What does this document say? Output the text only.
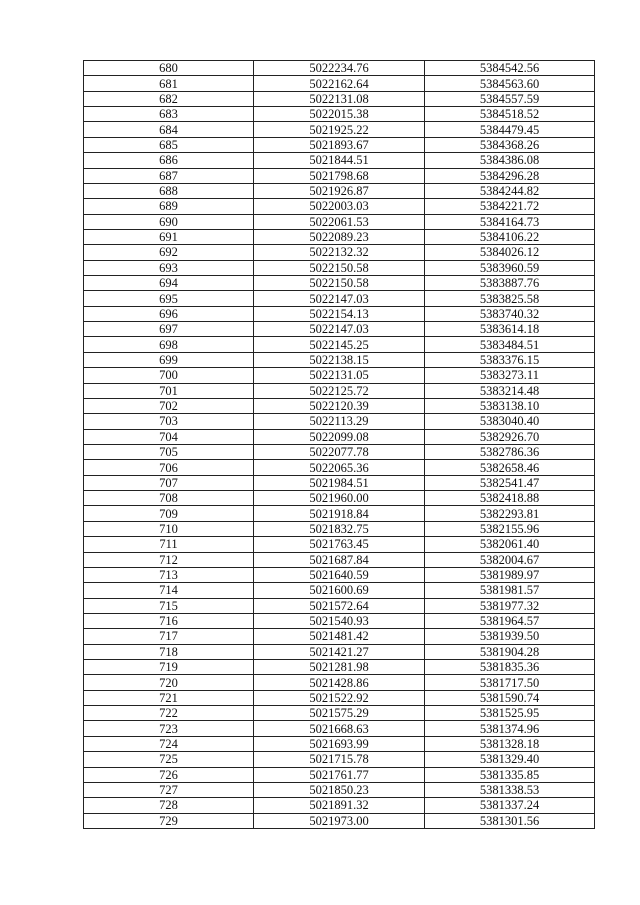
680	5022234.76	5384542.56
681	5022162.64	5384563.60
682	5022131.08	5384557.59
683	5022015.38	5384518.52
684	5021925.22	5384479.45
685	5021893.67	5384368.26
686	5021844.51	5384386.08
687	5021798.68	5384296.28
688	5021926.87	5384244.82
689	5022003.03	5384221.72
690	5022061.53	5384164.73
691	5022089.23	5384106.22
692	5022132.32	5384026.12
693	5022150.58	5383960.59
694	5022150.58	5383887.76
695	5022147.03	5383825.58
696	5022154.13	5383740.32
697	5022147.03	5383614.18
698	5022145.25	5383484.51
699	5022138.15	5383376.15
700	5022131.05	5383273.11
701	5022125.72	5383214.48
702	5022120.39	5383138.10
703	5022113.29	5383040.40
704	5022099.08	5382926.70
705	5022077.78	5382786.36
706	5022065.36	5382658.46
707	5021984.51	5382541.47
708	5021960.00	5382418.88
709	5021918.84	5382293.81
710	5021832.75	5382155.96
711	5021763.45	5382061.40
712	5021687.84	5382004.67
713	5021640.59	5381989.97
714	5021600.69	5381981.57
715	5021572.64	5381977.32
716	5021540.93	5381964.57
717	5021481.42	5381939.50
718	5021421.27	5381904.28
719	5021281.98	5381835.36
720	5021428.86	5381717.50
721	5021522.92	5381590.74
722	5021575.29	5381525.95
723	5021668.63	5381374.96
724	5021693.99	5381328.18
725	5021715.78	5381329.40
726	5021761.77	5381335.85
727	5021850.23	5381338.53
728	5021891.32	5381337.24
729	5021973.00	5381301.56
